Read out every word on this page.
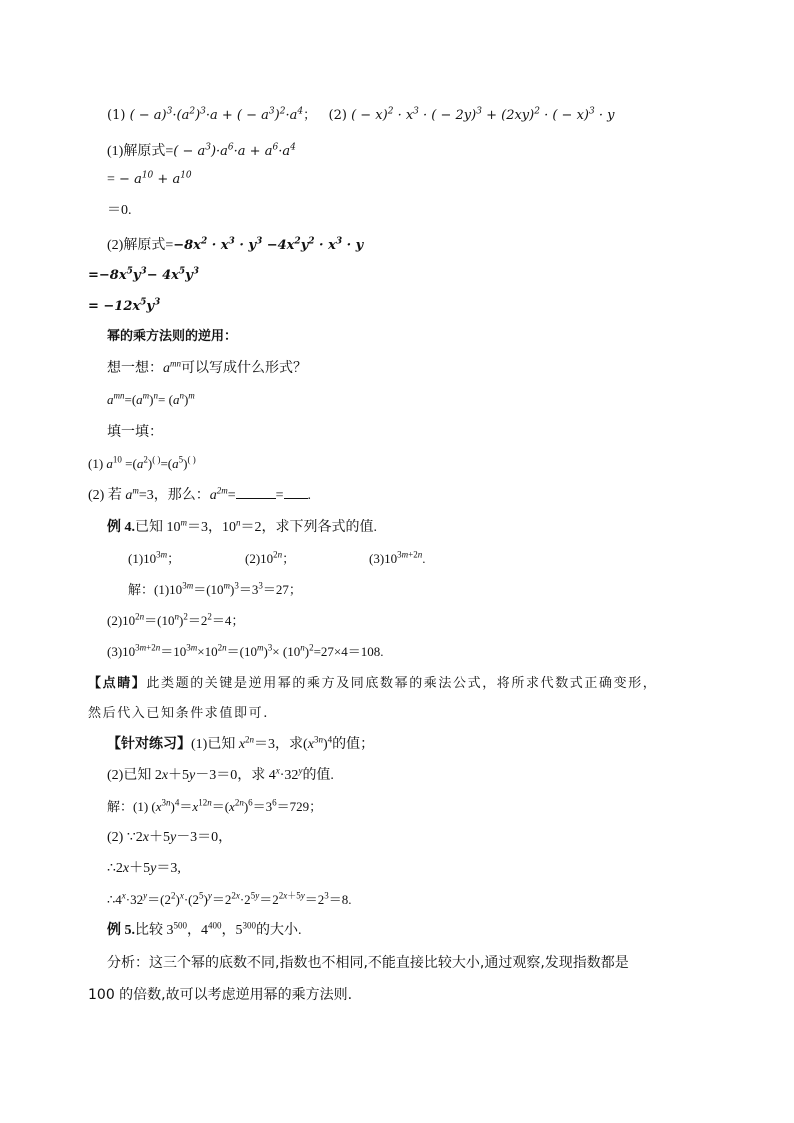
(1) ( − $a)^3\cdot(a^2)^3\cdot a$ + ( − $a^3)^2\cdot a^4$； (2) ( − $x)^2 \cdot x^3$ · ( − $2y)^3 + (2xy)^2$ · ( − x)$^3$ · y
(1)解原式=( − $a^3)\cdot a^6\cdot a + a^6\cdot a^4$
= − $a^{10} + a^{10}$
＝0.
(2)解原式$=-8x^2 \cdot x^3 \cdot y^3 -4x^2y^2 \cdot x^3 \cdot y$
$=-8x^5y^3- 4x^5y^3$
= $-12x^5y^3$
幂的乘方法则的逆用：
想一想：$a^{mn}$可以写成什么形式？
$a^{mn}=(a^m)^n= (a^n)^m$
填一填：
(1) $a^{10} =(a^2)^{( )}=(a^5)^{( )}$
(2) 若 $a^m=3$，那么：$a^{2m}=$	= .
例 4.已知 $10^m=3$，$10^n=2$，求下列各式的值.
$(1)10^{3m}$；	$(2)10^{2n}$；	$(3)10^{3m+2n}$.
解：$(1)10^{3m}=(10^m)^3=3^3=27$；
$(2)10^{2n}=(10^n)^2=2^2=4$；
$(3)10^{3m+2n}=10^{3m}\times 10^{2n}=(10^m)^3\times (10^n)^2=27\times 4=108$.
【点睛】此类题的关键是逆用幂的乘方及同底数幂的乘法公式，将所求代数式正确变形，
然后代入已知条件求值即可.
【针对练习】(1)已知 $x^{2n}=3$，求$(x^{3n})^4$的值；
(2)已知 2x＋5y－3＝0，求 $4^x\cdot 32^y$的值.
解：(1) $(x^{3n})^4=x^{12n}=(x^{2n})^6=3^6=729$；
(2) ∵2x＋5y－3＝0，
∴2x＋5y＝3,
$\therefore 4^x\cdot 32^y=(2^2)^x\cdot(2^5)^y=2^{2x}\cdot 2^{5y}=2^{2x+5y}=2^3=8$.
例 5.比较 $3^{500}$，$4^{400}$，$5^{300}$的大小.
分析：这三个幂的底数不同,指数也不相同,不能直接比较大小,通过观察,发现指数都是
100 的倍数,故可以考虑逆用幂的乘方法则.
